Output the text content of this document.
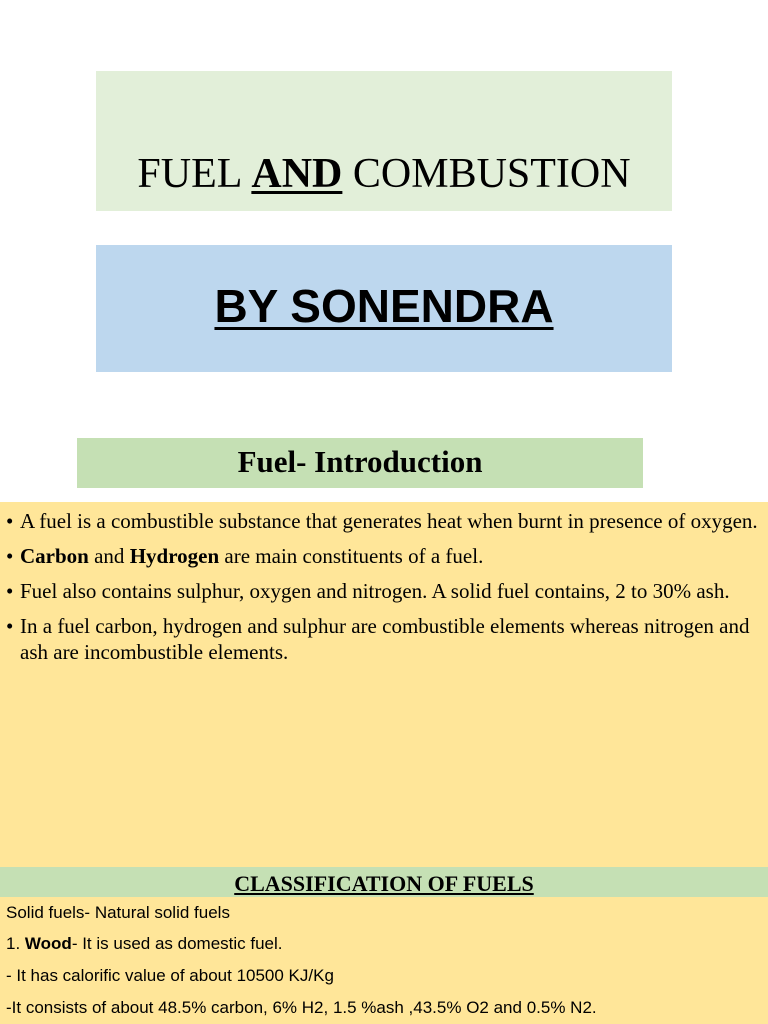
FUEL AND COMBUSTION
BY SONENDRA
Fuel- Introduction
• A fuel is a combustible substance that generates heat when burnt in presence of oxygen.
• Carbon and Hydrogen are main constituents of a fuel.
• Fuel also contains sulphur, oxygen and nitrogen. A solid fuel contains, 2 to 30% ash.
• In a fuel carbon, hydrogen and sulphur are combustible elements whereas nitrogen and ash are incombustible elements.
CLASSIFICATION OF FUELS
Solid fuels- Natural solid fuels
1. Wood- It is used as domestic fuel.
- It has calorific value of about 10500 KJ/Kg
-It consists of about 48.5% carbon, 6% H2, 1.5 %ash ,43.5% O2 and 0.5% N2.
